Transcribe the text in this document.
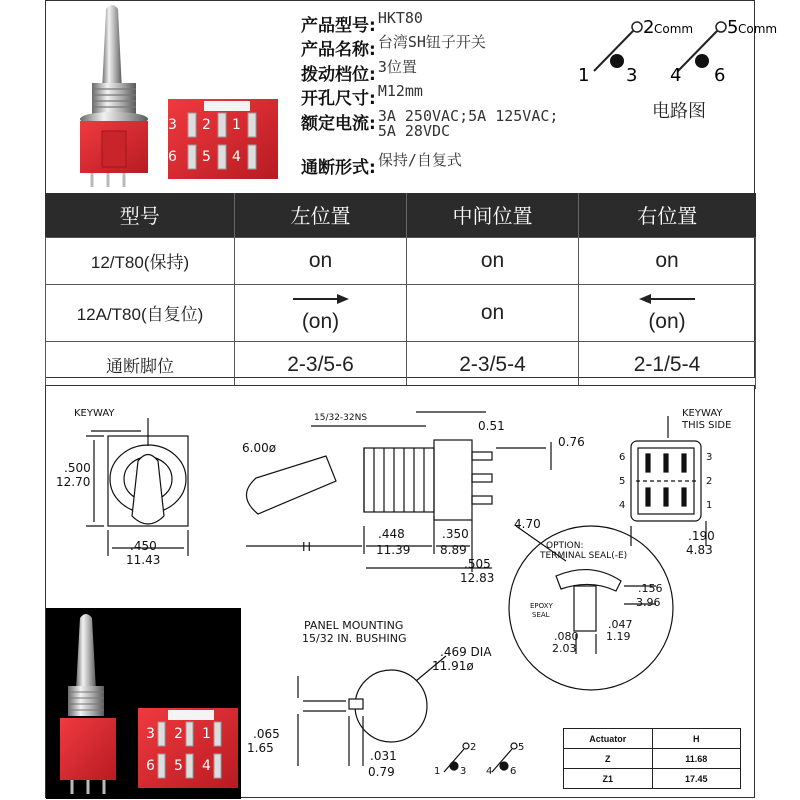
3 2 1
6 5 4
产品型号: HKT80
产品名称: 台湾SH钮子开关
拨动档位: 3位置
开孔尺寸: M12mm
额定电流: 3A 250VAC;5A 125VAC;
5A 28VDC
通断形式: 保持/自复式
2 Comm 5 Comm
1 3 4 6
电路图
型号	左位置	中间位置	右位置
12/T80(保持)	on	on	on
12A/T80(自复位)	(on)	on	(on)
通断脚位	2-3/5-6	2-3/5-4	2-1/5-4
KEYWAY
.500
12.70
.450
11.43
15/32-32NS
6.00ø
0.51
0.76
H
.448
11.39
.350
8.89
.505
12.83
4.70
KEYWAY
THIS SIDE
6	3
5	2
4	1
.190
4.83
OPTION:
TERMINAL SEAL(-E)
EPOXY
SEAL
.156
3.96
.047
1.19
.080
2.03
PANEL MOUNTING
15/32 IN. BUSHING
.469 DIA
11.91ø
.065
1.65
.031
0.79
2	5
1 3 4 6
3 2 1
6 5 4
Actuator	H
Z	11.68
Z1	17.45
